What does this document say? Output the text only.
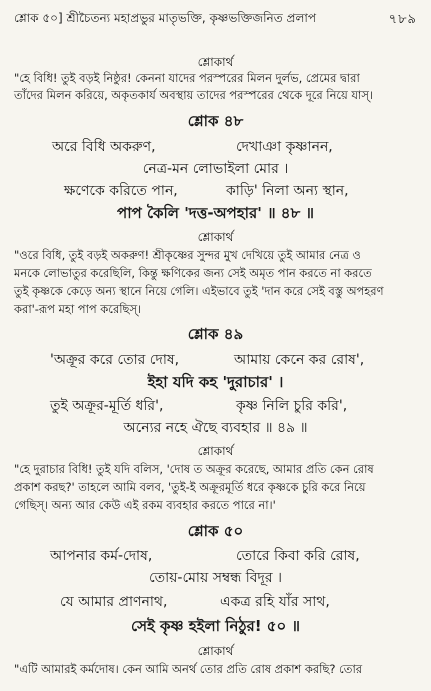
শ্লোক ৫০] শ্রীচৈতন্য মহাপ্রভুর মাতৃভক্তি, কৃষ্ণভক্তিজনিত প্রলাপ	৭৮৯
শ্লোকার্থ
"হে বিধি! তুই বড়ই নিষ্ঠুর! কেননা যাদের পরস্পরের মিলন দুর্লভ, প্রেমের দ্বারা
তাঁদের মিলন করিয়ে, অকৃতকার্য অবস্থায় তাদের পরস্পরের থেকে দূরে নিয়ে যাস্‌।
শ্লোক ৪৮
অরে বিধি অকরুণ,	দেখাঞা কৃষ্ণানন,
নেত্র-মন লোভাইলা মোর ।
ক্ষণেকে করিতে পান,	কাড়ি' নিলা অন্য স্থান,
পাপ কৈলি 'দত্ত-অপহার' ॥ ৪৮ ॥
শ্লোকার্থ
"ওরে বিধি, তুই বড়ই অকরুণ! শ্রীকৃষ্ণের সুন্দর মুখ দেখিয়ে তুই আমার নেত্র ও
মনকে লোভাতুর করেছিলি, কিন্তু ক্ষণিকের জন্য সেই অমৃত পান করতে না করতে
তুই কৃষ্ণকে কেড়ে অন্য স্থানে নিয়ে গেলি। এইভাবে তুই 'দান করে সেই বস্তু অপহরণ
করা'-রূপ মহা পাপ করেছিস্‌।
শ্লোক ৪৯
'অক্রূর করে তোর দোষ,	আমায় কেনে কর রোষ',
ইহা যদি কহ 'দুরাচার' ।
তুই অক্রূর-মূর্তি ধরি',	কৃষ্ণ নিলি চুরি করি',
অন্যের নহে ঐছে ব্যবহার ॥ ৪৯ ॥
শ্লোকার্থ
"হে দুরাচার বিধি! তুই যদি বলিস, 'দোষ ত অক্রূর করেছে, আমার প্রতি কেন রোষ
প্রকাশ করছ?' তাহলে আমি বলব, 'তুই-ই অক্রূরমূর্তি ধরে কৃষ্ণকে চুরি করে নিয়ে
গেছিস্‌। অন্য আর কেউ এই রকম ব্যবহার করতে পারে না।'
শ্লোক ৫০
আপনার কর্ম-দোষ,	তোরে কিবা করি রোষ,
তোয়-মোয় সম্বন্ধ বিদূর ।
যে আমার প্রাণনাথ,	একত্র রহি যাঁর সাথ,
সেই কৃষ্ণ হইলা নিঠুর! ৫০ ॥
শ্লোকার্থ
"এটি আমারই কর্মদোষ। কেন আমি অনর্থ তোর প্রতি রোষ প্রকাশ করছি? তোর
